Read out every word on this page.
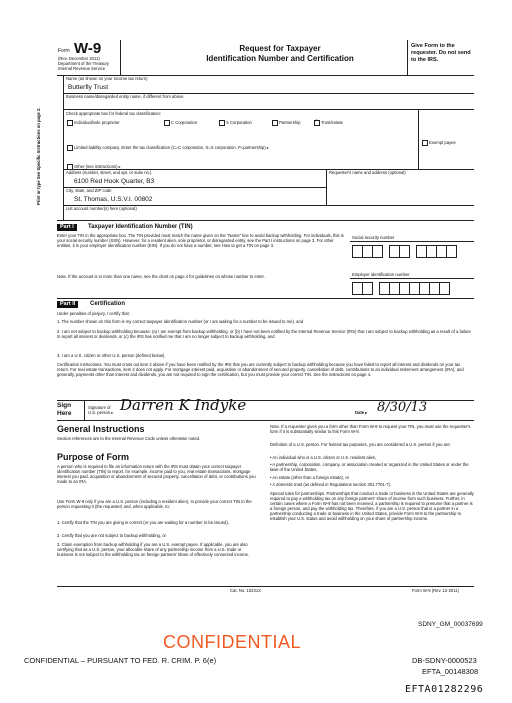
Form W-9
(Rev. December 2011)
Department of the Treasury
Internal Revenue Service
Request for Taxpayer
Identification Number and Certification
Give Form to the requester. Do not send to the IRS.
Print or type See Specific Instructions on page 2.
Name (as shown on your income tax return)
Butterfly Trust
Business name/disregarded entity name, if different from above
Check appropriate box for federal tax classification:
Individual/sole proprietor	C Corporation	S Corporation	Partnership	✓ Trust/estate
Limited liability company. Enter the tax classification (C=C corporation, S=S corporation, P=partnership) ▸
Exempt payee
Other (see instructions) ▸
Address (number, street, and apt. or suite no.)
6100 Red Hook Quarter, B3
Requester's name and address (optional)
City, state, and ZIP code
St. Thomas, U.S.V.I. 00802
List account number(s) here (optional)
Part I	Taxpayer Identification Number (TIN)
Enter your TIN in the appropriate box. The TIN provided must match the name given on the "Name" line to avoid backup withholding. For individuals, this is your social security number (SSN). However, for a resident alien, sole proprietor, or disregarded entity, see the Part I instructions on page 3. For other entities, it is your employer identification number (EIN). If you do not have a number, see How to get a TIN on page 3.
Note. If the account is in more than one name, see the chart on page 4 for guidelines on whose number to enter.
Social security number
Employer identification number
Part II	Certification
Under penalties of perjury, I certify that:
1. The number shown on this form is my correct taxpayer identification number (or I am waiting for a number to be issued to me), and
2. I am not subject to backup withholding because: (a) I am exempt from backup withholding, or (b) I have not been notified by the Internal Revenue Service (IRS) that I am subject to backup withholding as a result of a failure to report all interest or dividends, or (c) the IRS has notified me that I am no longer subject to backup withholding, and
3. I am a U.S. citizen or other U.S. person (defined below).
Certification instructions. You must cross out item 2 above if you have been notified by the IRS that you are currently subject to backup withholding because you have failed to report all interest and dividends on your tax return. For real estate transactions, item 2 does not apply. For mortgage interest paid, acquisition or abandonment of secured property, cancellation of debt, contributions to an individual retirement arrangement (IRA), and generally, payments other than interest and dividends, you are not required to sign the certification, but you must provide your correct TIN. See the instructions on page 4.
Sign Here
Signature of U.S. person ▸ Darren K Indyke	Date ▸ 8/30/13
General Instructions
Section references are to the Internal Revenue Code unless otherwise noted.
Purpose of Form
A person who is required to file an information return with the IRS must obtain your correct taxpayer identification number (TIN) to report, for example, income paid to you, real estate transactions, mortgage interest you paid, acquisition or abandonment of secured property, cancellation of debt, or contributions you made to an IRA.
Use Form W-9 only if you are a U.S. person (including a resident alien), to provide your correct TIN to the person requesting it (the requester) and, when applicable, to:
1. Certify that the TIN you are giving is correct (or you are waiting for a number to be issued),
2. Certify that you are not subject to backup withholding, or
3. Claim exemption from backup withholding if you are a U.S. exempt payee. If applicable, you are also certifying that as a U.S. person, your allocable share of any partnership income from a U.S. trade or business is not subject to the withholding tax on foreign partners' share of effectively connected income.
Note. If a requester gives you a form other than Form W-9 to request your TIN, you must use the requester's form if it is substantially similar to this Form W-9.
Definition of a U.S. person. For federal tax purposes, you are considered a U.S. person if you are:
• An individual who is a U.S. citizen or U.S. resident alien,
• A partnership, corporation, company, or association created or organized in the United States or under the laws of the United States,
• An estate (other than a foreign estate), or
• A domestic trust (as defined in Regulations section 301.7701-7).
Special rules for partnerships. Partnerships that conduct a trade or business in the United States are generally required to pay a withholding tax on any foreign partners' share of income from such business. Further, in certain cases where a Form W-9 has not been received, a partnership is required to presume that a partner is a foreign person, and pay the withholding tax. Therefore, if you are a U.S. person that is a partner in a partnership conducting a trade or business in the United States, provide Form W-9 to the partnership to establish your U.S. status and avoid withholding on your share of partnership income.
Cat. No. 10231X	Form W-9 (Rev. 12-2011)
SDNY_GM_00037699
CONFIDENTIAL
CONFIDENTIAL – PURSUANT TO FED. R. CRIM. P. 6(e)	DB-SDNY-0000523
EFTA_00148308
EFTA01282296
